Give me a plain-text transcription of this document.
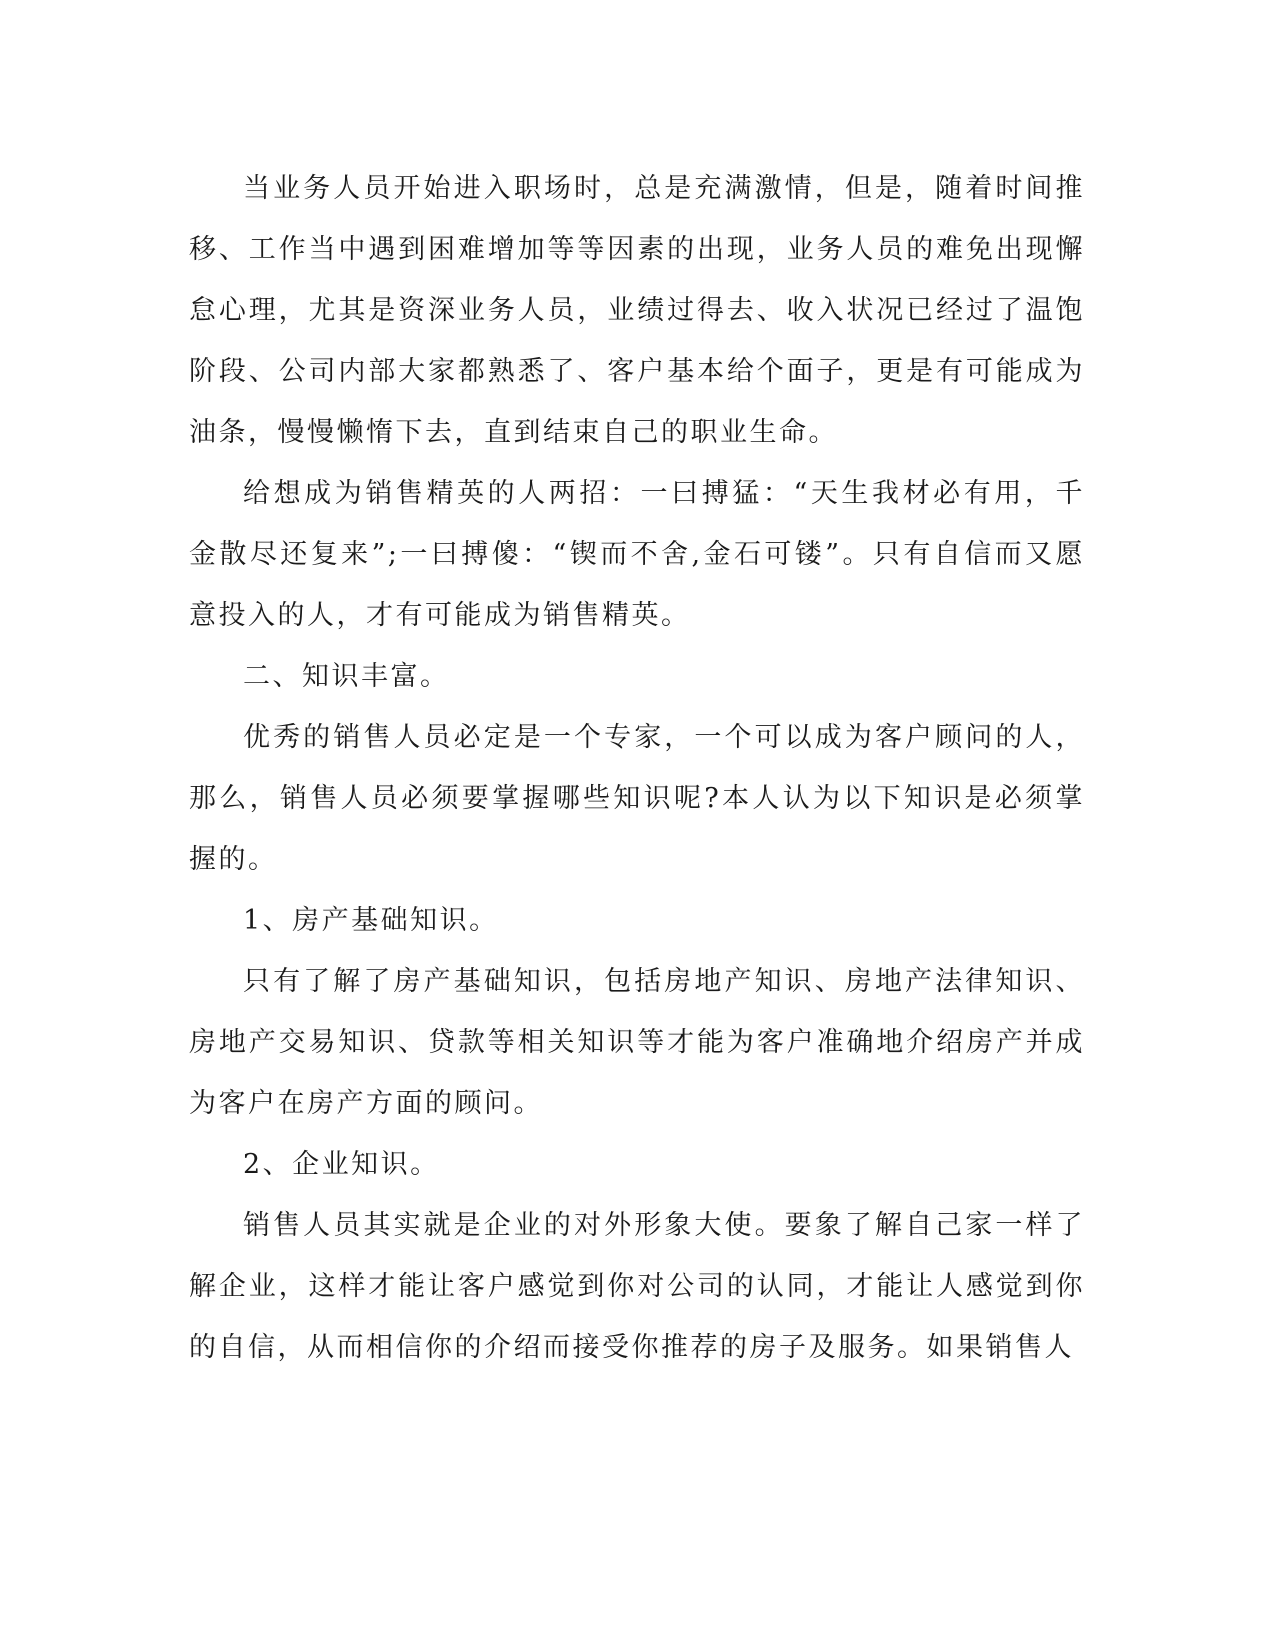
当业务人员开始进入职场时，总是充满激情，但是，随着时间推移、工作当中遇到困难增加等等因素的出现，业务人员的难免出现懈怠心理，尤其是资深业务人员，业绩过得去、收入状况已经过了温饱阶段、公司内部大家都熟悉了、客户基本给个面子，更是有可能成为油条，慢慢懒惰下去，直到结束自己的职业生命。

给想成为销售精英的人两招：一曰搏猛：“天生我材必有用，千金散尽还复来”;一曰搏傻：“锲而不舍,金石可镂”。只有自信而又愿意投入的人，才有可能成为销售精英。

二、知识丰富。

优秀的销售人员必定是一个专家，一个可以成为客户顾问的人，那么，销售人员必须要掌握哪些知识呢?本人认为以下知识是必须掌握的。

1、房产基础知识。

只有了解了房产基础知识，包括房地产知识、房地产法律知识、房地产交易知识、贷款等相关知识等才能为客户准确地介绍房产并成为客户在房产方面的顾问。

2、企业知识。

销售人员其实就是企业的对外形象大使。要象了解自己家一样了解企业，这样才能让客户感觉到你对公司的认同，才能让人感觉到你的自信，从而相信你的介绍而接受你推荐的房子及服务。如果销售人
